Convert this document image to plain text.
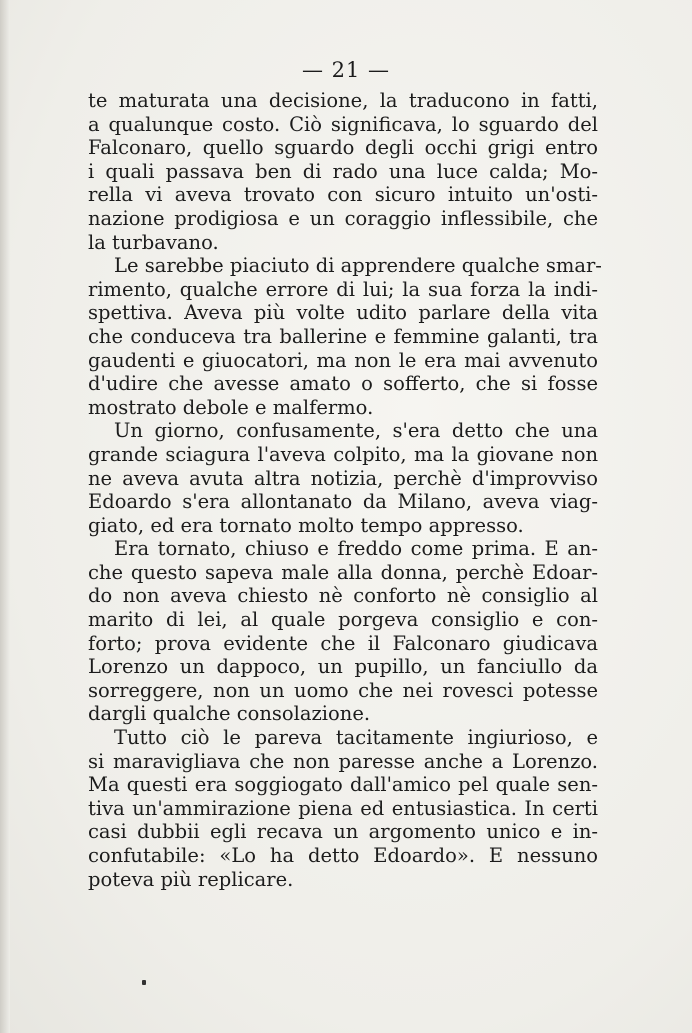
— 21 —
te maturata una decisione, la traducono in fatti,
a qualunque costo. Ciò significava, lo sguardo del
Falconaro, quello sguardo degli occhi grigi entro
i quali passava ben di rado una luce calda; Mo-
rella vi aveva trovato con sicuro intuito un'osti-
nazione prodigiosa e un coraggio inflessibile, che
la turbavano.
Le sarebbe piaciuto di apprendere qualche smar-
rimento, qualche errore di lui; la sua forza la indi-
spettiva. Aveva più volte udito parlare della vita
che conduceva tra ballerine e femmine galanti, tra
gaudenti e giuocatori, ma non le era mai avvenuto
d'udire che avesse amato o sofferto, che si fosse
mostrato debole e malfermo.
Un giorno, confusamente, s'era detto che una
grande sciagura l'aveva colpito, ma la giovane non
ne aveva avuta altra notizia, perchè d'improvviso
Edoardo s'era allontanato da Milano, aveva viag-
giato, ed era tornato molto tempo appresso.
Era tornato, chiuso e freddo come prima. E an-
che questo sapeva male alla donna, perchè Edoar-
do non aveva chiesto nè conforto nè consiglio al
marito di lei, al quale porgeva consiglio e con-
forto; prova evidente che il Falconaro giudicava
Lorenzo un dappoco, un pupillo, un fanciullo da
sorreggere, non un uomo che nei rovesci potesse
dargli qualche consolazione.
Tutto ciò le pareva tacitamente ingiurioso, e
si maravigliava che non paresse anche a Lorenzo.
Ma questi era soggiogato dall'amico pel quale sen-
tiva un'ammirazione piena ed entusiastica. In certi
casi dubbii egli recava un argomento unico e in-
confutabile: «Lo ha detto Edoardo». E nessuno
poteva più replicare.
